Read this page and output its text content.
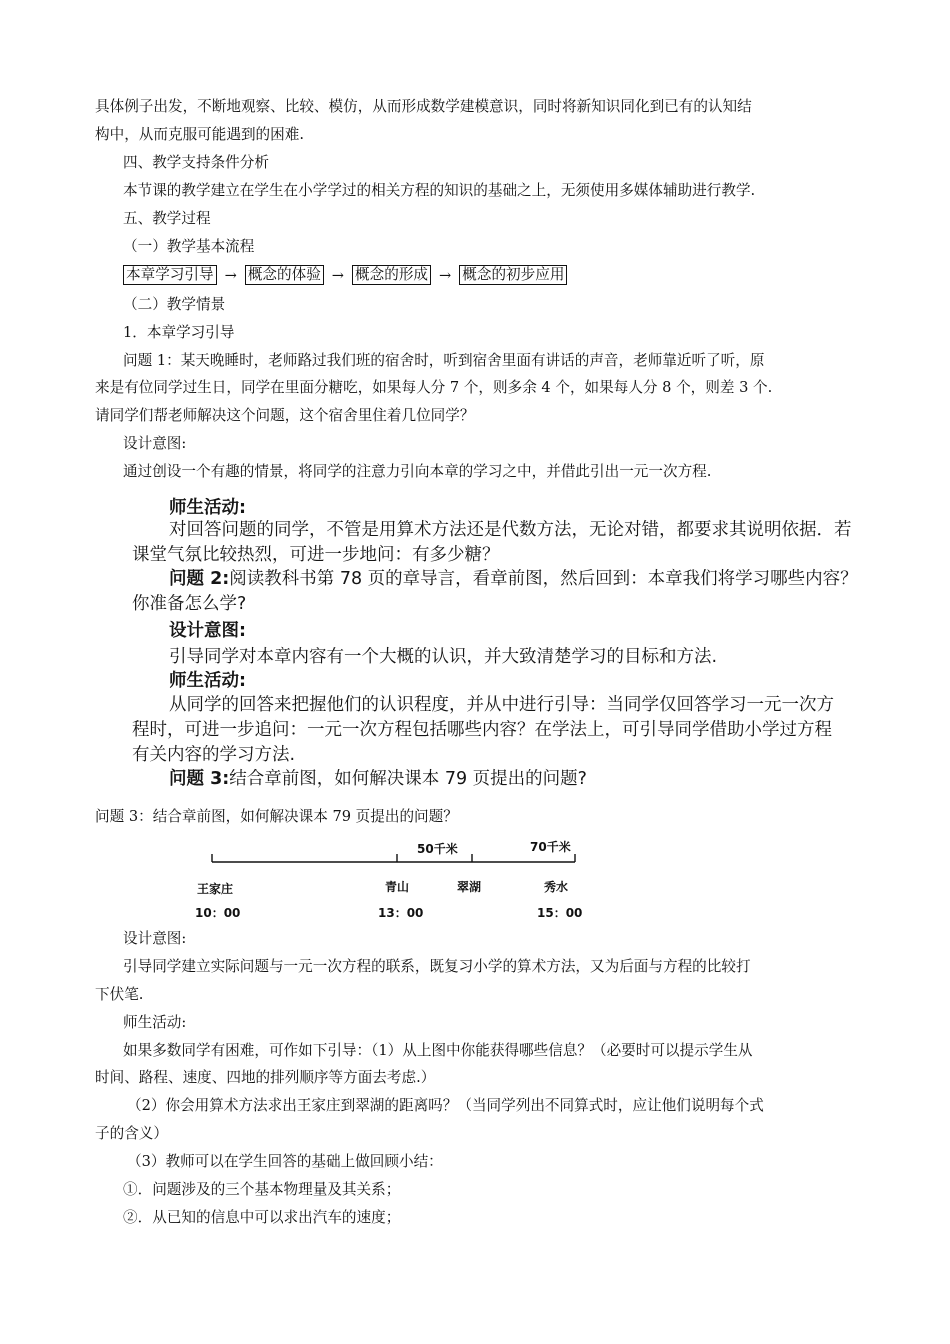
具体例子出发，不断地观察、比较、模仿，从而形成数学建模意识，同时将新知识同化到已有的认知结
构中，从而克服可能遇到的困难.
四、教学支持条件分析
本节课的教学建立在学生在小学学过的相关方程的知识的基础之上，无须使用多媒体辅助进行教学.
五、教学过程
（一）教学基本流程
本章学习引导 → 概念的体验 → 概念的形成 → 概念的初步应用
（二）教学情景
1．本章学习引导
问题 1：某天晚睡时，老师路过我们班的宿舍时，听到宿舍里面有讲话的声音，老师靠近听了听，原
来是有位同学过生日，同学在里面分糖吃，如果每人分 7 个，则多余 4 个，如果每人分 8 个，则差 3 个.
请同学们帮老师解决这个问题，这个宿舍里住着几位同学？
设计意图:
通过创设一个有趣的情景，将同学的注意力引向本章的学习之中，并借此引出一元一次方程.
师生活动:
对回答问题的同学，不管是用算术方法还是代数方法，无论对错，都要求其说明依据．若
课堂气氛比较热烈，可进一步地问：有多少糖？
问题 2:阅读教科书第 78 页的章导言，看章前图，然后回到：本章我们将学习哪些内容？
你准备怎么学?
设计意图:
引导同学对本章内容有一个大概的认识，并大致清楚学习的目标和方法.
师生活动:
从同学的回答来把握他们的认识程度，并从中进行引导：当同学仅回答学习一元一次方
程时，可进一步追问：一元一次方程包括哪些内容？在学法上，可引导同学借助小学过方程
有关内容的学习方法.
问题 3:结合章前图，如何解决课本 79 页提出的问题?
问题 3：结合章前图，如何解决课本 79 页提出的问题？
50千米	70千米
王家庄	青山	翠湖	秀水
10：00	13：00	15：00
设计意图:
引导同学建立实际问题与一元一次方程的联系，既复习小学的算术方法，又为后面与方程的比较打
下伏笔.
师生活动:
如果多数同学有困难，可作如下引导：（1）从上图中你能获得哪些信息？（必要时可以提示学生从
时间、路程、速度、四地的排列顺序等方面去考虑.）
（2）你会用算术方法求出王家庄到翠湖的距离吗？（当同学列出不同算式时，应让他们说明每个式
子的含义）
（3）教师可以在学生回答的基础上做回顾小结：
①．问题涉及的三个基本物理量及其关系；
②．从已知的信息中可以求出汽车的速度；
